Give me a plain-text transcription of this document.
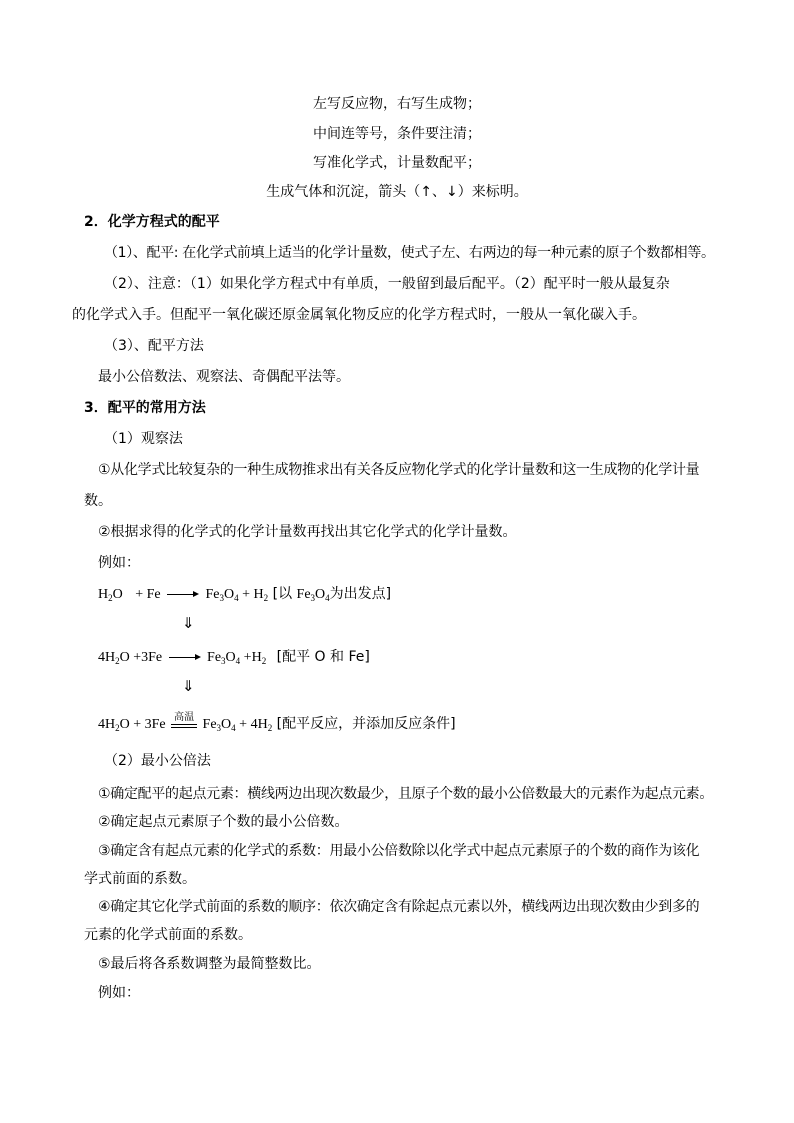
左写反应物，右写生成物；
中间连等号，条件要注清；
写准化学式，计量数配平；
生成气体和沉淀，箭头（↑、↓）来标明。
2．化学方程式的配平
（1）、配平: 在化学式前填上适当的化学计量数，使式子左、右两边的每一种元素的原子个数都相等。
（2）、注意：（1）如果化学方程式中有单质，一般留到最后配平。（2）配平时一般从最复杂
的化学式入手。但配平一氧化碳还原金属氧化物反应的化学方程式时，一般从一氧化碳入手。
（3）、配平方法
最小公倍数法、观察法、奇偶配平法等。
3．配平的常用方法
（1）观察法
①从化学式比较复杂的一种生成物推求出有关各反应物化学式的化学计量数和这一生成物的化学计量
数。
②根据求得的化学式的化学计量数再找出其它化学式的化学计量数。
例如：
$H_2O + Fe$	$Fe_3O_4 + H_2$ [以 $Fe_3O_4$为出发点]
⇓
$4H_2O +3Fe$	$Fe_3O_4 +H_2$ [配平 O 和 Fe]
⇓
$4H_2O + 3Fe$ 高温 $Fe_3O_4 + 4H_2$ [配平反应，并添加反应条件]
（2）最小公倍法
①确定配平的起点元素：横线两边出现次数最少，且原子个数的最小公倍数最大的元素作为起点元素。
②确定起点元素原子个数的最小公倍数。
③确定含有起点元素的化学式的系数：用最小公倍数除以化学式中起点元素原子的个数的商作为该化
学式前面的系数。
④确定其它化学式前面的系数的顺序：依次确定含有除起点元素以外，横线两边出现次数由少到多的
元素的化学式前面的系数。
⑤最后将各系数调整为最简整数比。
例如：
